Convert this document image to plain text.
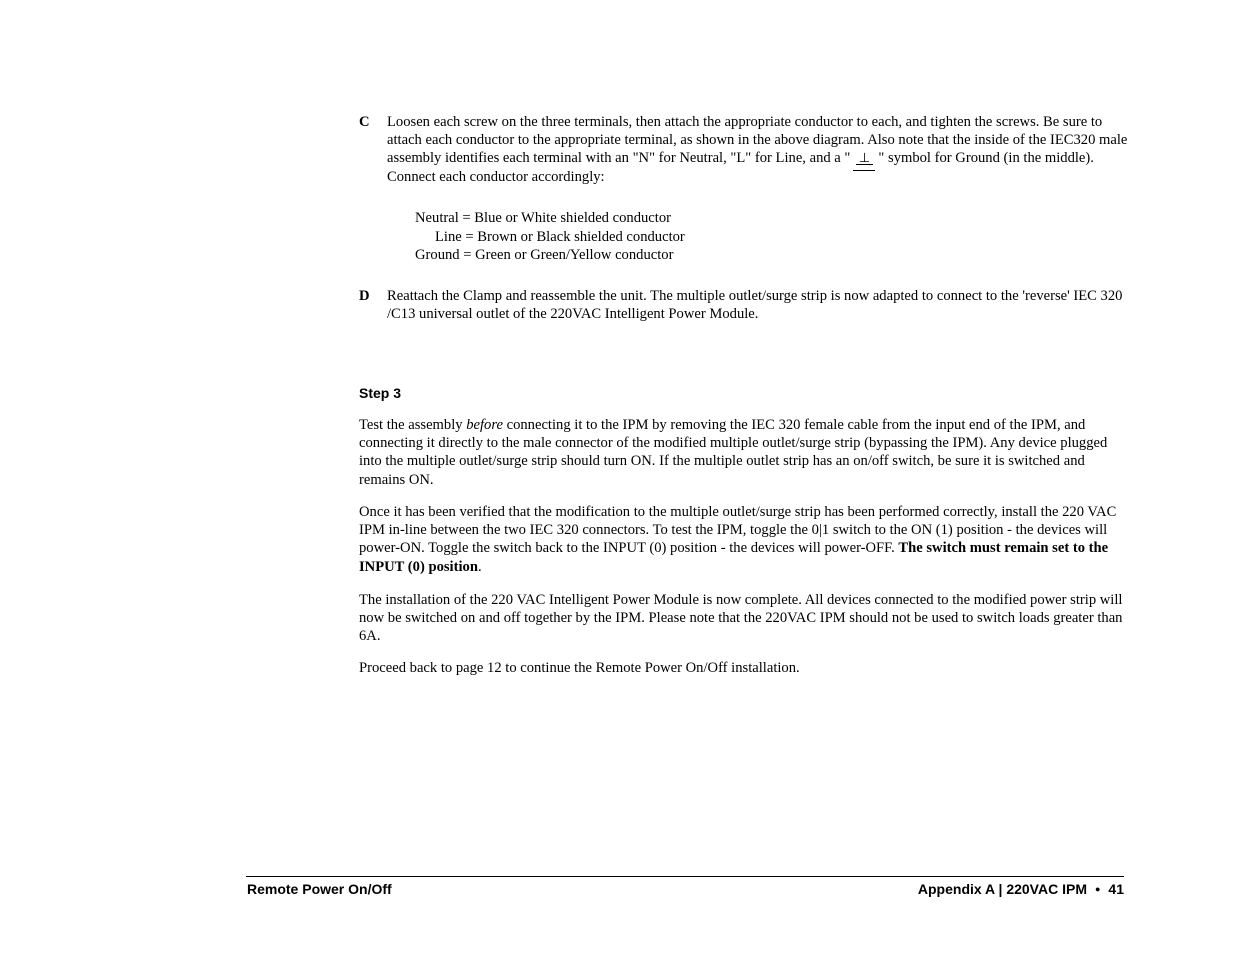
C	Loosen each screw on the three terminals, then attach the appropriate conductor to each, and tighten the screws. Be sure to attach each conductor to the appropriate terminal, as shown in the above diagram. Also note that the inside of the IEC320 male assembly identifies each terminal with an "N" for Neutral, "L" for Line, and a " ⊥ " symbol for Ground (in the middle). Connect each conductor accordingly:
Neutral = Blue or White shielded conductor
Line = Brown or Black shielded conductor
Ground = Green or Green/Yellow conductor
D	Reattach the Clamp and reassemble the unit. The multiple outlet/surge strip is now adapted to connect to the 'reverse' IEC 320 /C13 universal outlet of the 220VAC Intelligent Power Module.
Step 3
Test the assembly before connecting it to the IPM by removing the IEC 320 female cable from the input end of the IPM, and connecting it directly to the male connector of the modified multiple outlet/surge strip (bypassing the IPM). Any device plugged into the multiple outlet/surge strip should turn ON. If the multiple outlet strip has an on/off switch, be sure it is switched and remains ON.
Once it has been verified that the modification to the multiple outlet/surge strip has been performed correctly, install the 220 VAC IPM in-line between the two IEC 320 connectors. To test the IPM, toggle the 0|1 switch to the ON (1) position - the devices will power-ON. Toggle the switch back to the INPUT (0) position - the devices will power-OFF. The switch must remain set to the INPUT (0) position.
The installation of the 220 VAC Intelligent Power Module is now complete. All devices connected to the modified power strip will now be switched on and off together by the IPM. Please note that the 220VAC IPM should not be used to switch loads greater than 6A.
Proceed back to page 12 to continue the Remote Power On/Off installation.
Remote Power On/Off	Appendix A | 220VAC IPM ● 41
